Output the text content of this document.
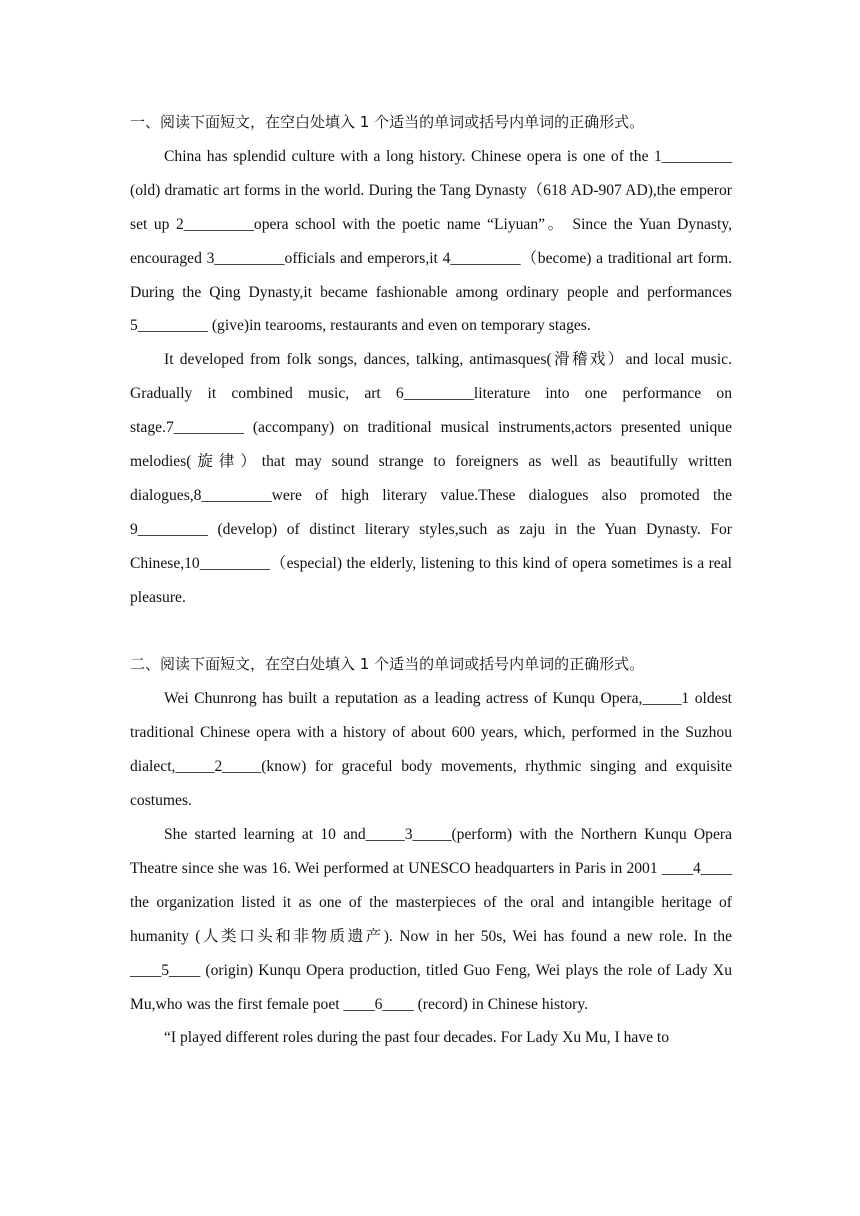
一、阅读下面短文，在空白处填入 1 个适当的单词或括号内单词的正确形式。

China has splendid culture with a long history. Chinese opera is one of the 1_________ (old) dramatic art forms in the world. During the Tang Dynasty（618 AD-907 AD),the emperor set up 2_________opera school with the poetic name “Liyuan”。 Since the Yuan Dynasty, encouraged 3_________officials and emperors,it 4_________（become) a traditional art form. During the Qing Dynasty,it became fashionable among ordinary people and performances 5_________ (give)in tearooms, restaurants and even on temporary stages.

It developed from folk songs, dances, talking, antimasques(滑稽戏）and local music. Gradually it combined music, art 6_________literature into one performance on stage.7_________ (accompany) on traditional musical instruments,actors presented unique melodies(旋律）that may sound strange to foreigners as well as beautifully written dialogues,8_________were of high literary value.These dialogues also promoted the 9_________ (develop) of distinct literary styles,such as zaju in the Yuan Dynasty. For Chinese,10_________（especial) the elderly, listening to this kind of opera sometimes is a real pleasure.

二、阅读下面短文，在空白处填入 1 个适当的单词或括号内单词的正确形式。

Wei Chunrong has built a reputation as a leading actress of Kunqu Opera,_____1 oldest traditional Chinese opera with a history of about 600 years, which, performed in the Suzhou dialect,_____2_____(know) for graceful body movements, rhythmic singing and exquisite costumes.

She started learning at 10 and_____3_____(perform) with the Northern Kunqu Opera Theatre since she was 16. Wei performed at UNESCO headquarters in Paris in 2001 ____4____ the organization listed it as one of the masterpieces of the oral and intangible heritage of humanity (人类口头和非物质遗产). Now in her 50s, Wei has found a new role. In the ____5____ (origin) Kunqu Opera production, titled Guo Feng, Wei plays the role of Lady Xu Mu,who was the first female poet ____6____ (record) in Chinese history.

“I played different roles during the past four decades. For Lady Xu Mu, I have to
